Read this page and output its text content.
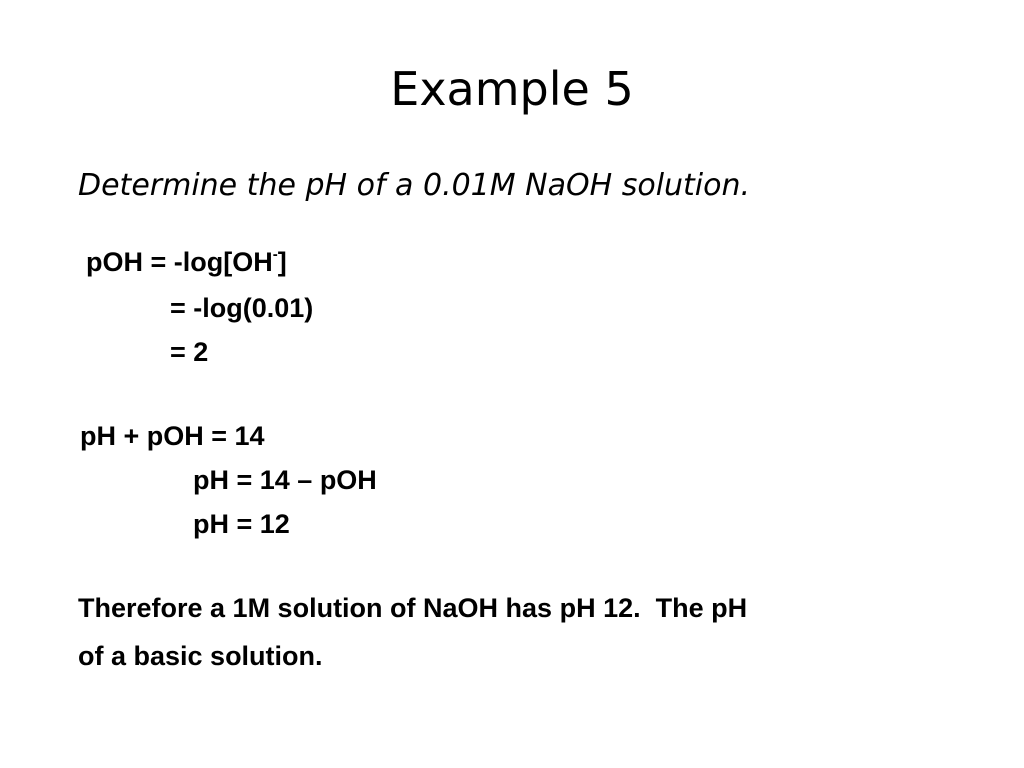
Example 5
Determine the pH of a 0.01M NaOH solution.
pOH = -log[OH-]
= -log(0.01)
= 2
pH + pOH = 14
pH = 14 – pOH
pH = 12
Therefore a 1M solution of NaOH has pH 12.  The pH
of a basic solution.
